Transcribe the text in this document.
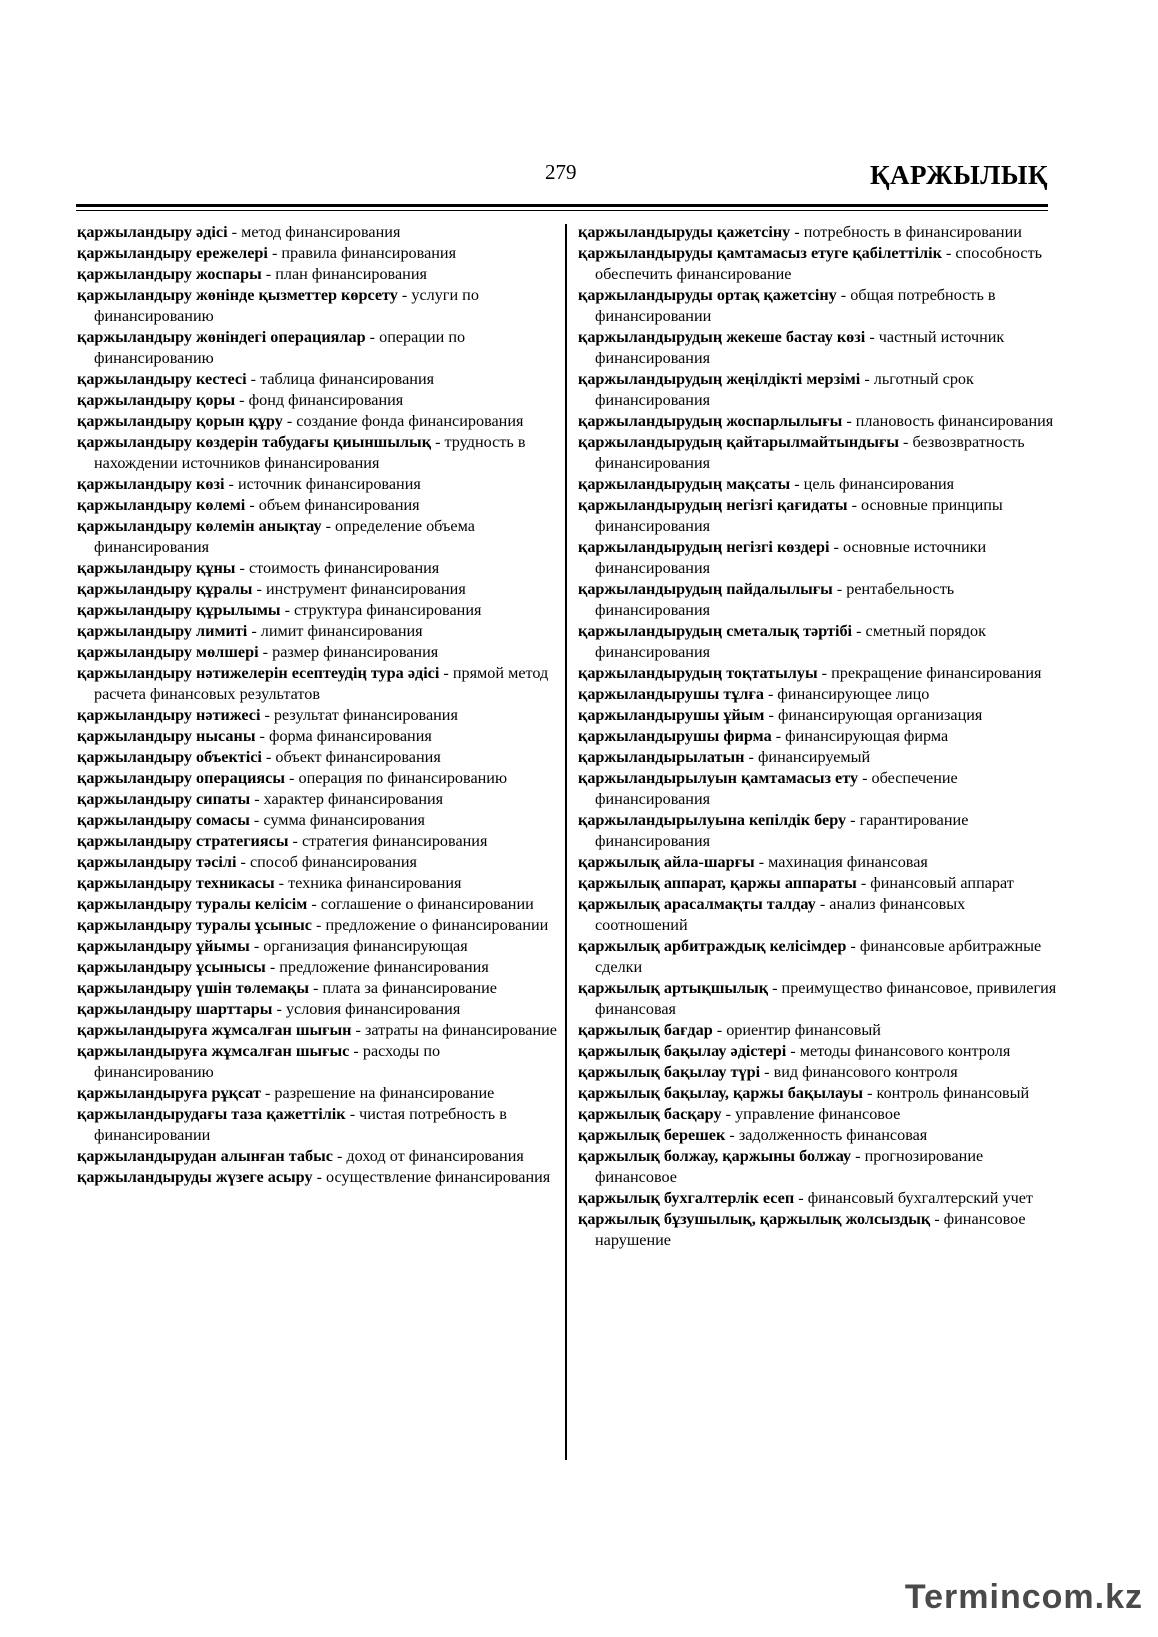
279	ҚАРЖЫЛЫҚ

қаржыландыру әдісі - метод финансирования

қаржыландыру ережелері - правила финансирования

қаржыландыру жоспары - план финансирования

қаржыландыру жөнінде қызметтер көрсету - услуги по финансированию

қаржыландыру жөніндегі операциялар - операции по финансированию

қаржыландыру кестесі - таблица финансирования

қаржыландыру қоры - фонд финансирования

қаржыландыру қорын құру - создание фонда финансирования

қаржыландыру көздерін табудағы қиыншылық - трудность в нахождении источников финансирования

қаржыландыру көзі - источник финансирования

қаржыландыру көлемі - объем финансирования

қаржыландыру көлемін анықтау - определение объема финансирования

қаржыландыру құны - стоимость финансирования

қаржыландыру құралы - инструмент финансирования

қаржыландыру құрылымы - структура финансирования

қаржыландыру лимиті - лимит финансирования

қаржыландыру мөлшері - размер финансирования

қаржыландыру нәтижелерін есептеудің тура әдісі - прямой метод расчета финансовых результатов

қаржыландыру нәтижесі - результат финансирования

қаржыландыру нысаны - форма финансирования

қаржыландыру объектісі - объект финансирования

қаржыландыру операциясы - операция по финансированию

қаржыландыру сипаты - характер финансирования

қаржыландыру сомасы - сумма финансирования

қаржыландыру стратегиясы - стратегия финансирования

қаржыландыру тәсілі - способ финансирования

қаржыландыру техникасы - техника финансирования

қаржыландыру туралы келісім - соглашение о финансировании

қаржыландыру туралы ұсыныс - предложение о финансировании

қаржыландыру ұйымы - организация финансирующая

қаржыландыру ұсынысы - предложение финансирования

қаржыландыру үшін төлемақы - плата за финансирование

қаржыландыру шарттары - условия финансирования

қаржыландыруға жұмсалған шығын - затраты на финансирование

қаржыландыруға жұмсалған шығыс - расходы по финансированию

қаржыландыруға рұқсат - разрешение на финансирование

қаржыландырудағы таза қажеттілік - чистая потребность в финансировании

қаржыландырудан алынған табыс - доход от финансирования

қаржыландыруды жүзеге асыру - осуществление финансирования

қаржыландыруды қажетсіну - потребность в финансировании

қаржыландыруды қамтамасыз етуге қабілеттілік - способность обеспечить финансирование

қаржыландыруды ортақ қажетсіну - общая потребность в финансировании

қаржыландырудың жекеше бастау көзі - частный источник финансирования

қаржыландырудың жеңілдікті мерзімі - льготный срок финансирования

қаржыландырудың жоспарлылығы - плановость финансирования

қаржыландырудың қайтарылмайтындығы - безвозвратность финансирования

қаржыландырудың мақсаты - цель финансирования

қаржыландырудың негізгі қағидаты - основные принципы финансирования

қаржыландырудың негізгі көздері - основные источники финансирования

қаржыландырудың пайдалылығы - рентабельность финансирования

қаржыландырудың сметалық тәртібі - сметный порядок финансирования

қаржыландырудың тоқтатылуы - прекращение финансирования

қаржыландырушы тұлға - финансирующее лицо

қаржыландырушы ұйым - финансирующая организация

қаржыландырушы фирма - финансирующая фирма

қаржыландырылатын - финансируемый

қаржыландырылуын қамтамасыз ету - обеспечение финансирования

қаржыландырылуына кепілдік беру - гарантирование финансирования

қаржылық айла-шарғы - махинация финансовая

қаржылық аппарат, қаржы аппараты - финансовый аппарат

қаржылық арасалмақты талдау - анализ финансовых соотношений

қаржылық арбитраждық келісімдер - финансовые арбитражные сделки

қаржылық артықшылық - преимущество финансовое, привилегия финансовая

қаржылық бағдар - ориентир финансовый

қаржылық бақылау әдістері - методы финансового контроля

қаржылық бақылау түрі - вид финансового контроля

қаржылық бақылау, қаржы бақылауы - контроль финансовый

қаржылық басқару - управление финансовое

қаржылық берешек - задолженность финансовая

қаржылық болжау, қаржыны болжау - прогнозирование финансовое

қаржылық бухгалтерлік есеп - финансовый бухгалтерский учет

қаржылық бұзушылық, қаржылық жолсыздық - финансовое нарушение

Termincom.kz
